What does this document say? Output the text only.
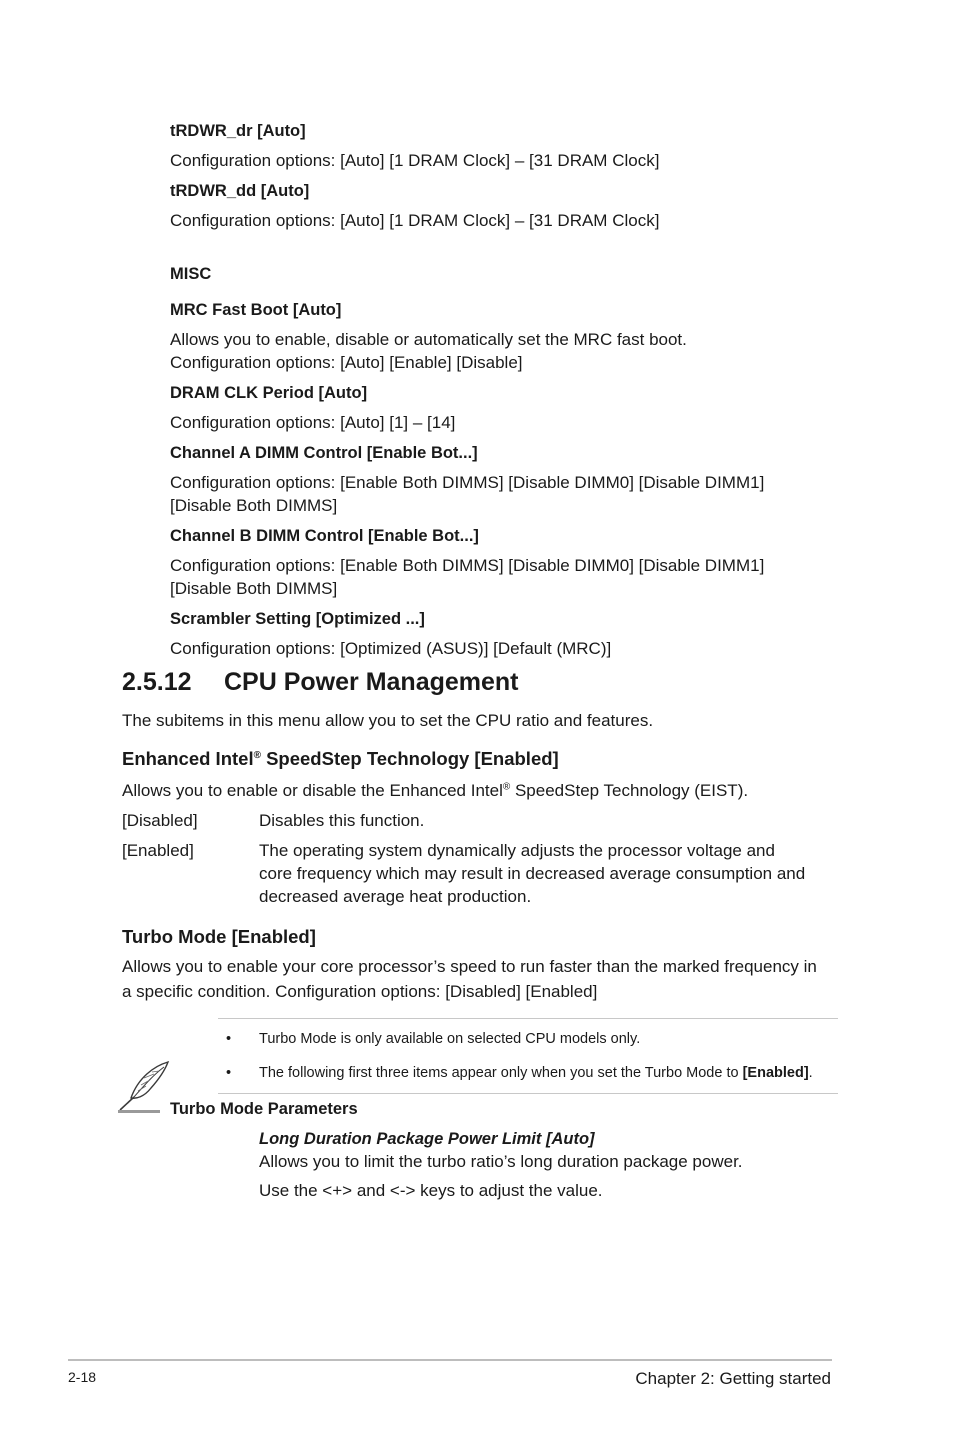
tRDWR_dr [Auto]
Configuration options: [Auto] [1 DRAM Clock] – [31 DRAM Clock]
tRDWR_dd [Auto]
Configuration options: [Auto] [1 DRAM Clock] – [31 DRAM Clock]
MISC
MRC Fast Boot [Auto]
Allows you to enable, disable or automatically set the MRC fast boot.
Configuration options: [Auto] [Enable] [Disable]
DRAM CLK Period [Auto]
Configuration options: [Auto] [1] – [14]
Channel A DIMM Control [Enable Bot...]
Configuration options: [Enable Both DIMMS] [Disable DIMM0] [Disable DIMM1]
[Disable Both DIMMS]
Channel B DIMM Control [Enable Bot...]
Configuration options: [Enable Both DIMMS] [Disable DIMM0] [Disable DIMM1]
[Disable Both DIMMS]
Scrambler Setting [Optimized ...]
Configuration options: [Optimized (ASUS)] [Default (MRC)]
2.5.12 CPU Power Management
The subitems in this menu allow you to set the CPU ratio and features.
Enhanced Intel® SpeedStep Technology [Enabled]
Allows you to enable or disable the Enhanced Intel® SpeedStep Technology (EIST).
[Disabled]	Disables this function.
[Enabled]	The operating system dynamically adjusts the processor voltage and
core frequency which may result in decreased average consumption and
decreased average heat production.
Turbo Mode [Enabled]
Allows you to enable your core processor’s speed to run faster than the marked frequency in
a specific condition. Configuration options: [Disabled] [Enabled]
• Turbo Mode is only available on selected CPU models only.
• The following first three items appear only when you set the Turbo Mode to [Enabled].
Turbo Mode Parameters
Long Duration Package Power Limit [Auto]
Allows you to limit the turbo ratio’s long duration package power.
Use the <+> and <-> keys to adjust the value.
2-18	Chapter 2: Getting started
